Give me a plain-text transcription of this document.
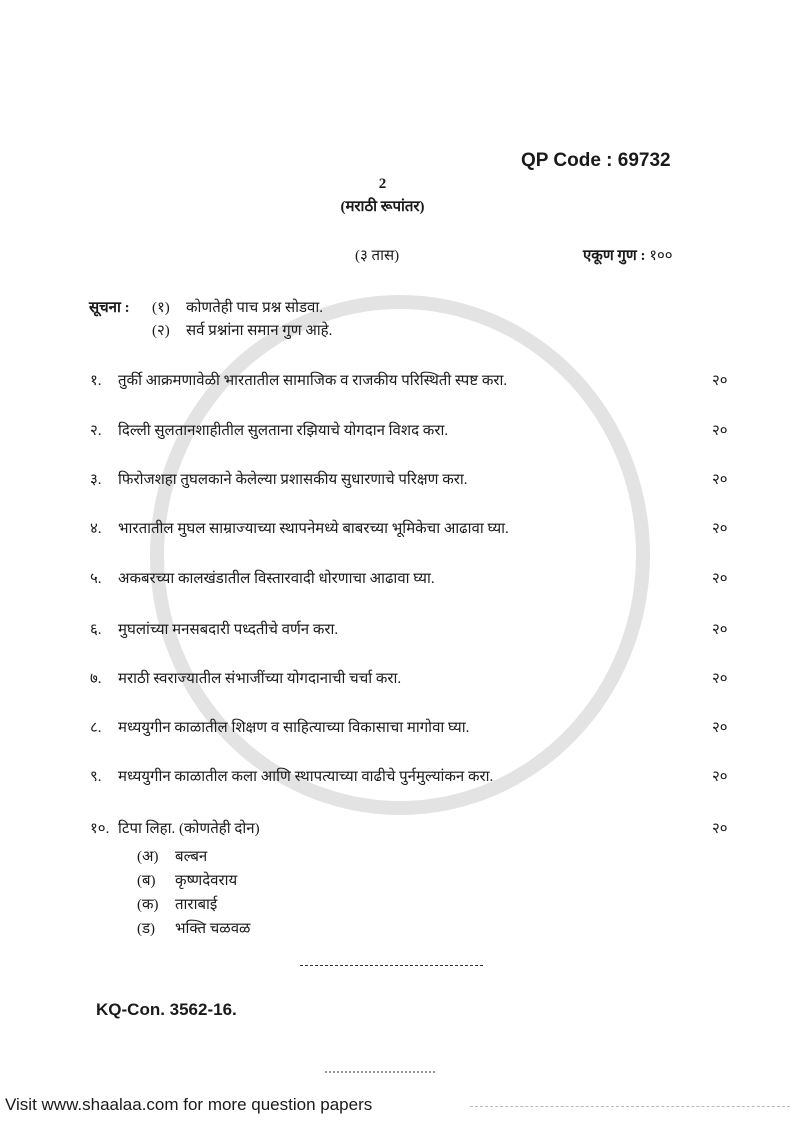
QP Code : 69732
2
(मराठी रूपांतर)
(३ तास)	एकूण गुण : १००
सूचना : (१) कोणतेही पाच प्रश्न सोडवा.
(२) सर्व प्रश्नांना समान गुण आहे.
१. तुर्की आक्रमणावेळी भारतातील सामाजिक व राजकीय परिस्थिती स्पष्ट करा.	२०
२. दिल्ली सुलतानशाहीतील सुलताना रझियाचे योगदान विशद करा.	२०
३. फिरोजशहा तुघलकाने केलेल्या प्रशासकीय सुधारणाचे परिक्षण करा.	२०
४. भारतातील मुघल साम्राज्याच्या स्थापनेमध्ये बाबरच्या भूमिकेचा आढावा घ्या.	२०
५. अकबरच्या कालखंडातील विस्तारवादी धोरणाचा आढावा घ्या.	२०
६. मुघलांच्या मनसबदारी पध्दतीचे वर्णन करा.	२०
७. मराठी स्वराज्यातील संभाजींच्या योगदानाची चर्चा करा.	२०
८. मध्ययुगीन काळातील शिक्षण व साहित्याच्या विकासाचा मागोवा घ्या.	२०
९. मध्ययुगीन काळातील कला आणि स्थापत्याच्या वाढीचे पुर्नमुल्यांकन करा.	२०
१०. टिपा लिहा. (कोणतेही दोन)	२०
(अ) बल्बन
(ब) कृष्णदेवराय
(क) ताराबाई
(ड) भक्ति चळवळ
KQ-Con. 3562-16.
Visit www.shaalaa.com for more question papers
